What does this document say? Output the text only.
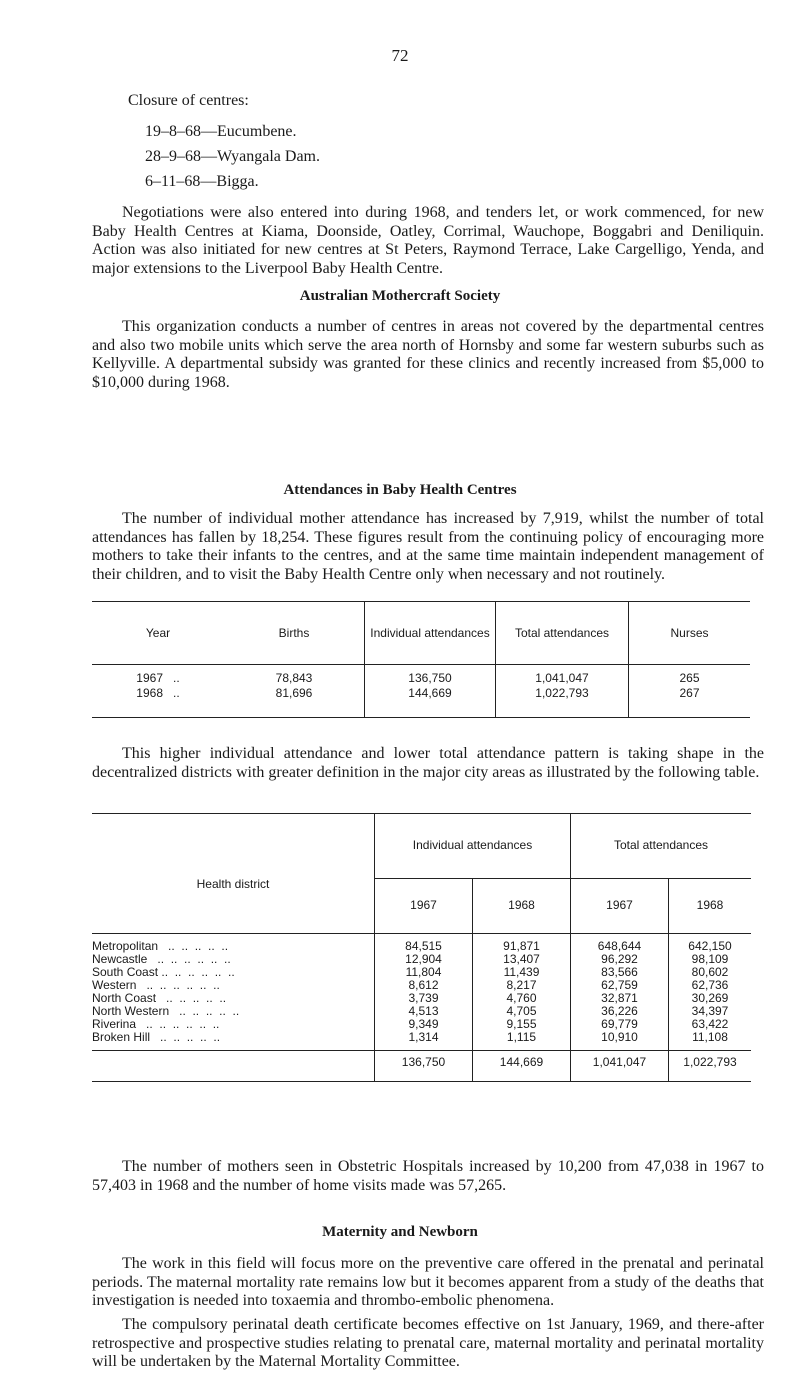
72
Closure of centres:
19–8–68—Eucumbene.
28–9–68—Wyangala Dam.
6–11–68—Bigga.
Negotiations were also entered into during 1968, and tenders let, or work commenced, for new Baby Health Centres at Kiama, Doonside, Oatley, Corrimal, Wauchope, Boggabri and Deniliquin. Action was also initiated for new centres at St Peters, Raymond Terrace, Lake Cargelligo, Yenda, and major extensions to the Liverpool Baby Health Centre.
Australian Mothercraft Society
This organization conducts a number of centres in areas not covered by the departmental centres and also two mobile units which serve the area north of Hornsby and some far western suburbs such as Kellyville. A departmental subsidy was granted for these clinics and recently increased from $5,000 to $10,000 during 1968.
Attendances in Baby Health Centres
The number of individual mother attendance has increased by 7,919, whilst the number of total attendances has fallen by 18,254. These figures result from the continuing policy of encouraging more mothers to take their infants to the centres, and at the same time maintain independent management of their children, and to visit the Baby Health Centre only when necessary and not routinely.
Year	Births	Individual attendances	Total attendances	Nurses
1967 ..	78,843	136,750	1,041,047	265
1968 ..	81,696	144,669	1,022,793	267
This higher individual attendance and lower total attendance pattern is taking shape in the decentralized districts with greater definition in the major city areas as illustrated by the following table.
Health district	Individual attendances		Total attendances	
	1967	1968	1967	1968
Metropolitan   ..  ..  ..  ..  ..	84,515	91,871	648,644	642,150
Newcastle   ..  ..  ..  ..  ..  ..	12,904	13,407	96,292	98,109
South Coast ..  ..  ..  ..  ..  ..	11,804	11,439	83,566	80,602
Western   ..  ..  ..  ..  ..  ..	8,612	8,217	62,759	62,736
North Coast   ..  ..  ..  ..  ..	3,739	4,760	32,871	30,269
North Western   ..  ..  ..  ..  ..	4,513	4,705	36,226	34,397
Riverina   ..  ..  ..  ..  ..  ..	9,349	9,155	69,779	63,422
Broken Hill   ..  ..  ..  ..  ..	1,314	1,115	10,910	11,108
	136,750	144,669	1,041,047	1,022,793
The number of mothers seen in Obstetric Hospitals increased by 10,200 from 47,038 in 1967 to 57,403 in 1968 and the number of home visits made was 57,265.
Maternity and Newborn
The work in this field will focus more on the preventive care offered in the prenatal and perinatal periods. The maternal mortality rate remains low but it becomes apparent from a study of the deaths that investigation is needed into toxaemia and thrombo-embolic phenomena.
The compulsory perinatal death certificate becomes effective on 1st January, 1969, and there-after retrospective and prospective studies relating to prenatal care, maternal mortality and perinatal mortality will be undertaken by the Maternal Mortality Committee.
